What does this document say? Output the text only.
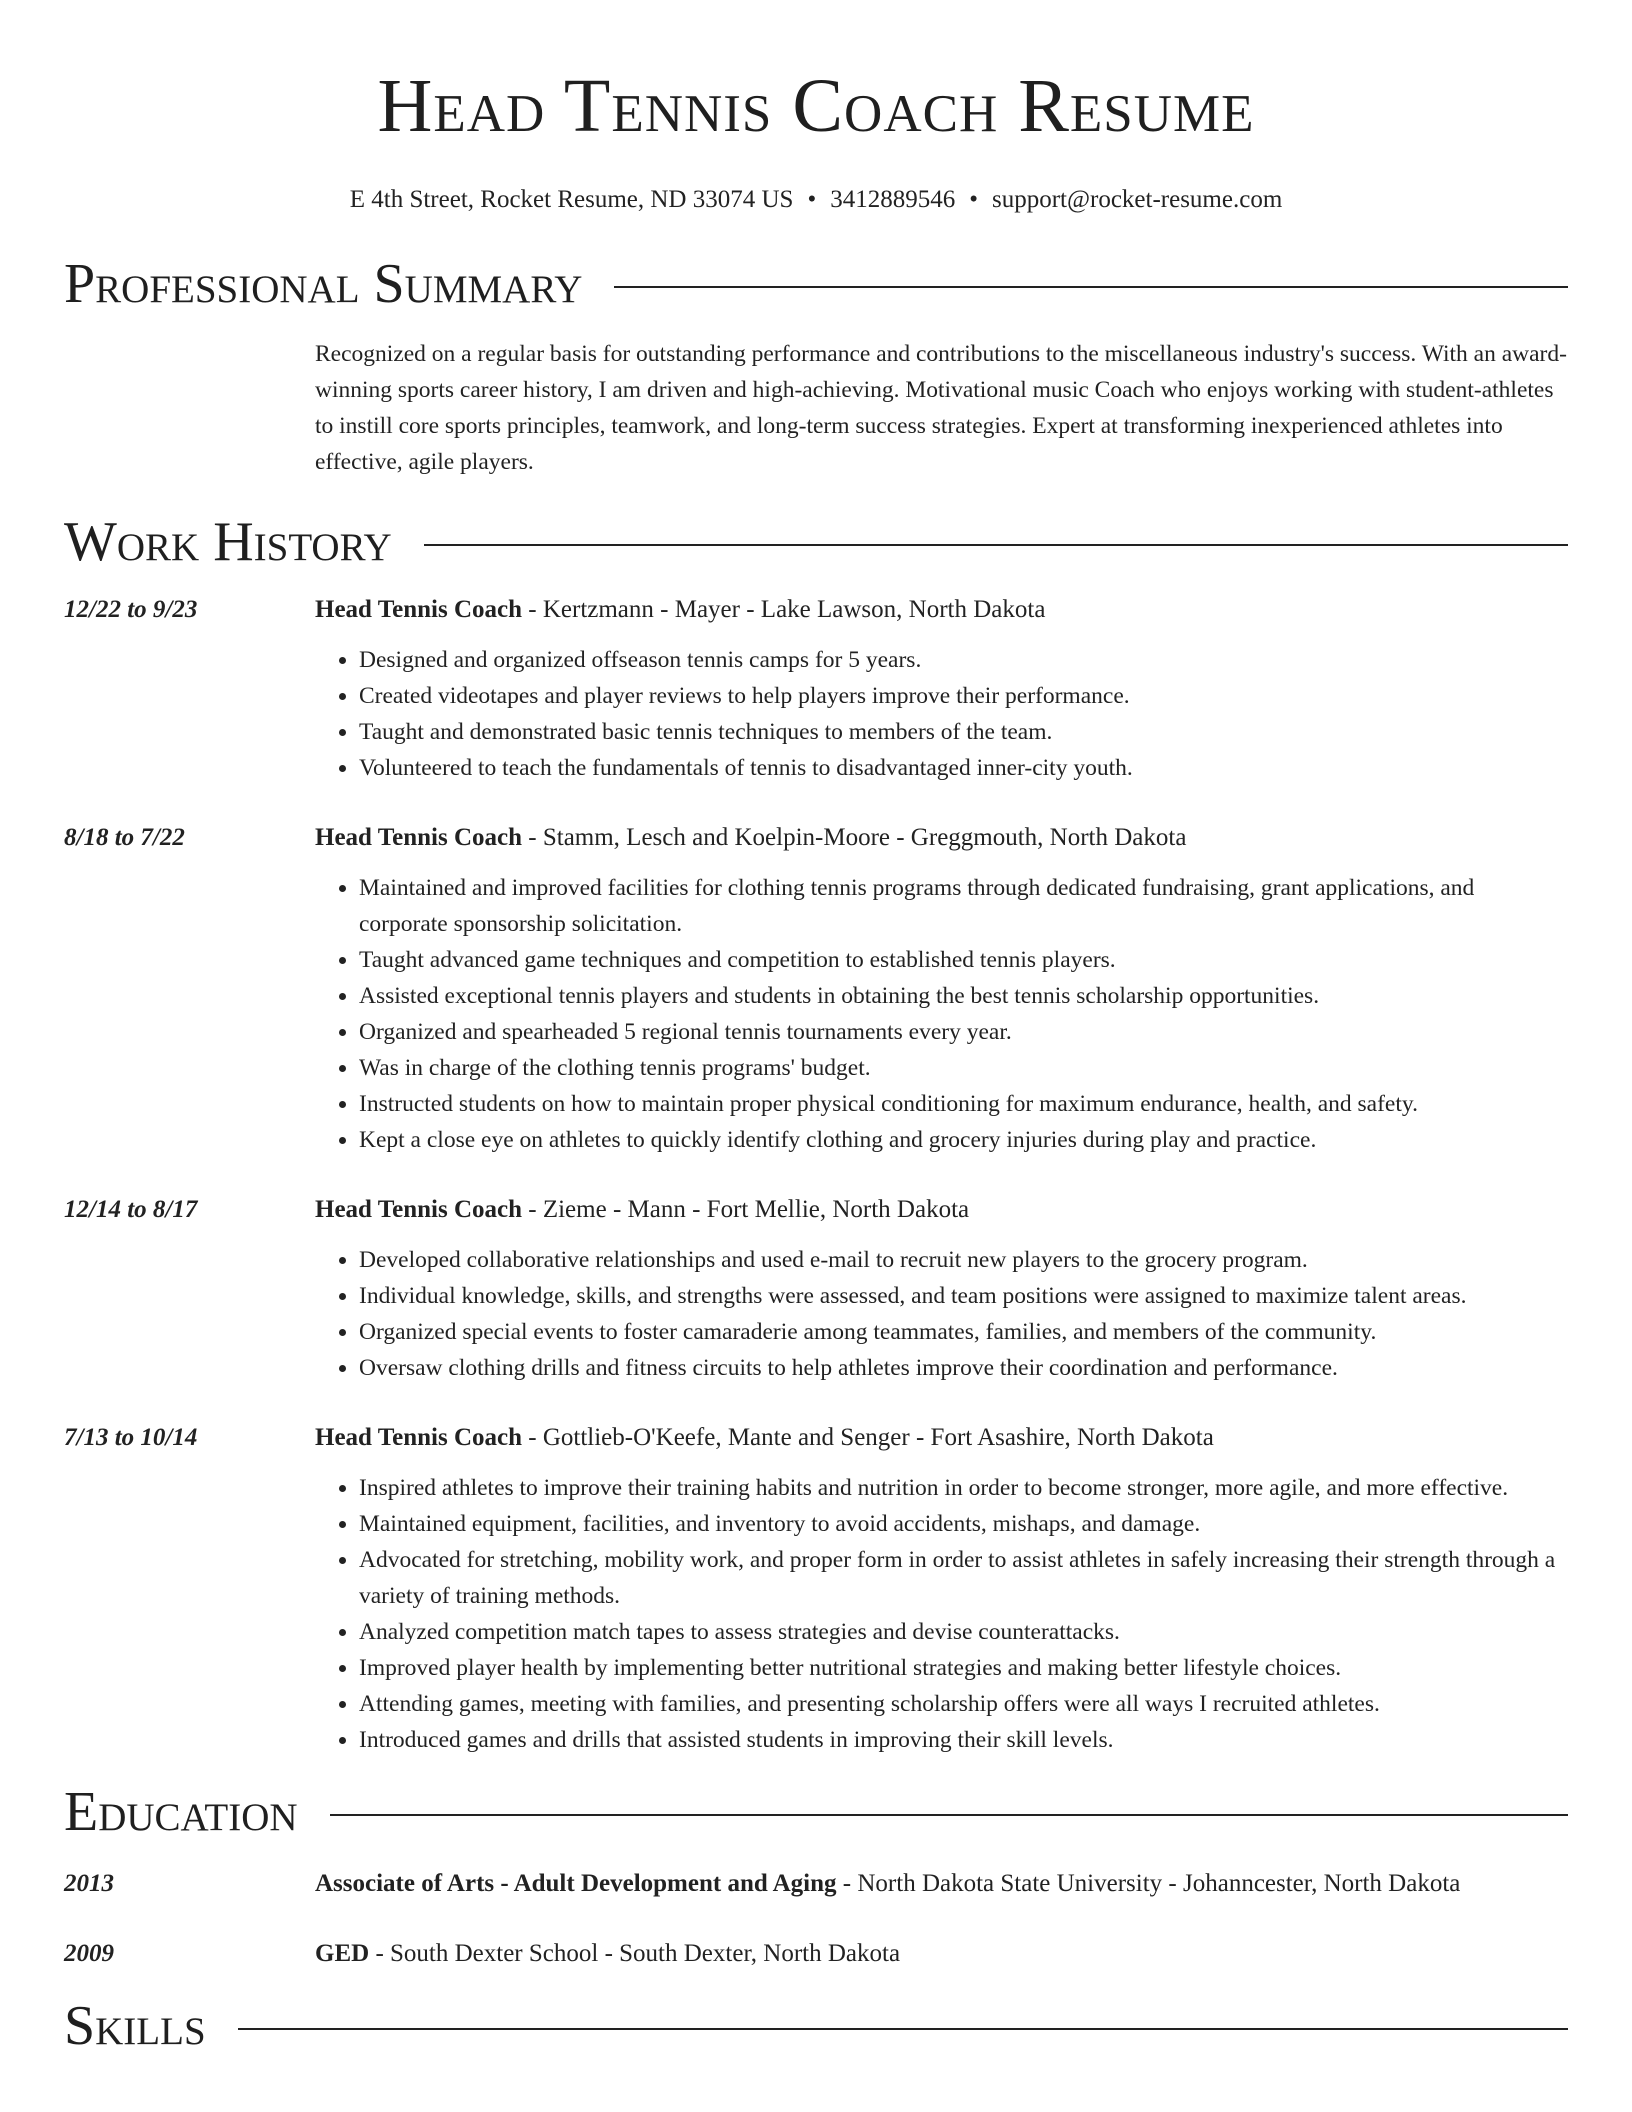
Head Tennis Coach Resume
E 4th Street, Rocket Resume, ND 33074 US • 3412889546 • support@rocket-resume.com
Professional Summary
Recognized on a regular basis for outstanding performance and contributions to the miscellaneous industry's success. With an award-winning sports career history, I am driven and high-achieving. Motivational music Coach who enjoys working with student-athletes to instill core sports principles, teamwork, and long-term success strategies. Expert at transforming inexperienced athletes into effective, agile players.
Work History
12/22 to 9/23	Head Tennis Coach - Kertzmann - Mayer - Lake Lawson, North Dakota
• Designed and organized offseason tennis camps for 5 years.
• Created videotapes and player reviews to help players improve their performance.
• Taught and demonstrated basic tennis techniques to members of the team.
• Volunteered to teach the fundamentals of tennis to disadvantaged inner-city youth.
8/18 to 7/22	Head Tennis Coach - Stamm, Lesch and Koelpin-Moore - Greggmouth, North Dakota
• Maintained and improved facilities for clothing tennis programs through dedicated fundraising, grant applications, and corporate sponsorship solicitation.
• Taught advanced game techniques and competition to established tennis players.
• Assisted exceptional tennis players and students in obtaining the best tennis scholarship opportunities.
• Organized and spearheaded 5 regional tennis tournaments every year.
• Was in charge of the clothing tennis programs' budget.
• Instructed students on how to maintain proper physical conditioning for maximum endurance, health, and safety.
• Kept a close eye on athletes to quickly identify clothing and grocery injuries during play and practice.
12/14 to 8/17	Head Tennis Coach - Zieme - Mann - Fort Mellie, North Dakota
• Developed collaborative relationships and used e-mail to recruit new players to the grocery program.
• Individual knowledge, skills, and strengths were assessed, and team positions were assigned to maximize talent areas.
• Organized special events to foster camaraderie among teammates, families, and members of the community.
• Oversaw clothing drills and fitness circuits to help athletes improve their coordination and performance.
7/13 to 10/14	Head Tennis Coach - Gottlieb-O'Keefe, Mante and Senger - Fort Asashire, North Dakota
• Inspired athletes to improve their training habits and nutrition in order to become stronger, more agile, and more effective.
• Maintained equipment, facilities, and inventory to avoid accidents, mishaps, and damage.
• Advocated for stretching, mobility work, and proper form in order to assist athletes in safely increasing their strength through a variety of training methods.
• Analyzed competition match tapes to assess strategies and devise counterattacks.
• Improved player health by implementing better nutritional strategies and making better lifestyle choices.
• Attending games, meeting with families, and presenting scholarship offers were all ways I recruited athletes.
• Introduced games and drills that assisted students in improving their skill levels.
Education
2013	Associate of Arts - Adult Development and Aging - North Dakota State University - Johanncester, North Dakota
2009	GED - South Dexter School - South Dexter, North Dakota
Skills
